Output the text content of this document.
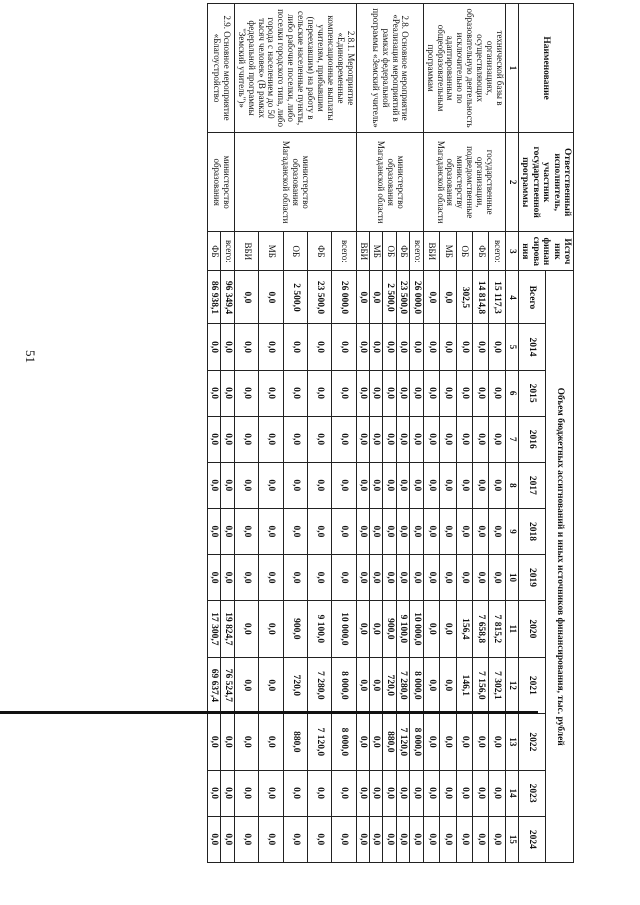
51
Наименование	Ответственный исполнитель, участник государственной программы	Источ ник финан сирова ния	Объем бюджетных ассигнований и иных источников финансирования, тыс. рублей											
			Всего	2014	2015	2016	2017	2018	2019	2020	2021	2022	2023	2024
1	2	3	4	5	6	7	8	9	10	11	12	13	14	15
технической базы в организациях, осуществляющих образовательную деятельность исключительно по адаптированным общеобразовательным программам	государственные организации, подведомственные министерству образования Магаданской области	всего:	15 117,3	0,0	0,0	0,0	0,0	0,0	0,0	7 815,2	7 302,1	0,0	0,0	0,0
		ФБ	14 814,8	0,0	0,0	0,0	0,0	0,0	0,0	7 658,8	7 156,0	0,0	0,0	0,0
		ОБ	302,5	0,0	0,0	0,0	0,0	0,0	0,0	156,4	146,1	0,0	0,0	0,0
		МБ	0,0	0,0	0,0	0,0	0,0	0,0	0,0	0,0	0,0	0,0	0,0	0,0
		ВБИ	0,0	0,0	0,0	0,0	0,0	0,0	0,0	0,0	0,0	0,0	0,0	0,0
2.8. Основное мероприятие «Реализация мероприятий в рамках федеральной программы «Земский учитель»	министерство образования Магаданской области	всего:	26 000,0	0,0	0,0	0,0	0,0	0,0	0,0	10 000,0	8 000,0	8 000,0	0,0	0,0
		ФБ	23 500,0	0,0	0,0	0,0	0,0	0,0	0,0	9 100,0	7 280,0	7 120,0	0,0	0,0
		ОБ	2 500,0	0,0	0,0	0,0	0,0	0,0	0,0	900,0	720,0	880,0	0,0	0,0
		МБ	0,0	0,0	0,0	0,0	0,0	0,0	0,0	0,0	0,0	0,0	0,0	0,0
		ВБИ	0,0	0,0	0,0	0,0	0,0	0,0	0,0	0,0	0,0	0,0	0,0	0,0
2.8.1. Мероприятие «Единовременные компенсационные выплаты учителям, прибывшим (переехавшим) на работу в сельские населенные пункты, либо рабочие поселки, либо поселки городского типа, либо города с населением до 50 тысяч человек» (В рамках федеральной программы "Земский учитель")»	министерство образования Магаданской области	всего:	26 000,0	0,0	0,0	0,0	0,0	0,0	0,0	10 000,0	8 000,0	8 000,0	0,0	0,0
		ФБ	23 500,0	0,0	0,0	0,0	0,0	0,0	0,0	9 100,0	7 280,0	7 120,0	0,0	0,0
		ОБ	2 500,0	0,0	0,0	0,0	0,0	0,0	0,0	900,0	720,0	880,0	0,0	0,0
		МБ	0,0	0,0	0,0	0,0	0,0	0,0	0,0	0,0	0,0	0,0	0,0	0,0
		ВБИ	0,0	0,0	0,0	0,0	0,0	0,0	0,0	0,0	0,0	0,0	0,0	0,0
2.9. Основное мероприятие «Благоустройство	министерство образования	всего:	96 349,4	0,0	0,0	0,0	0,0	0,0	0,0	19 824,7	76 524,7	0,0	0,0	0,0
		ФБ	86 938,1	0,0	0,0	0,0	0,0	0,0	0,0	17 300,7	69 637,4	0,0	0,0	0,0
